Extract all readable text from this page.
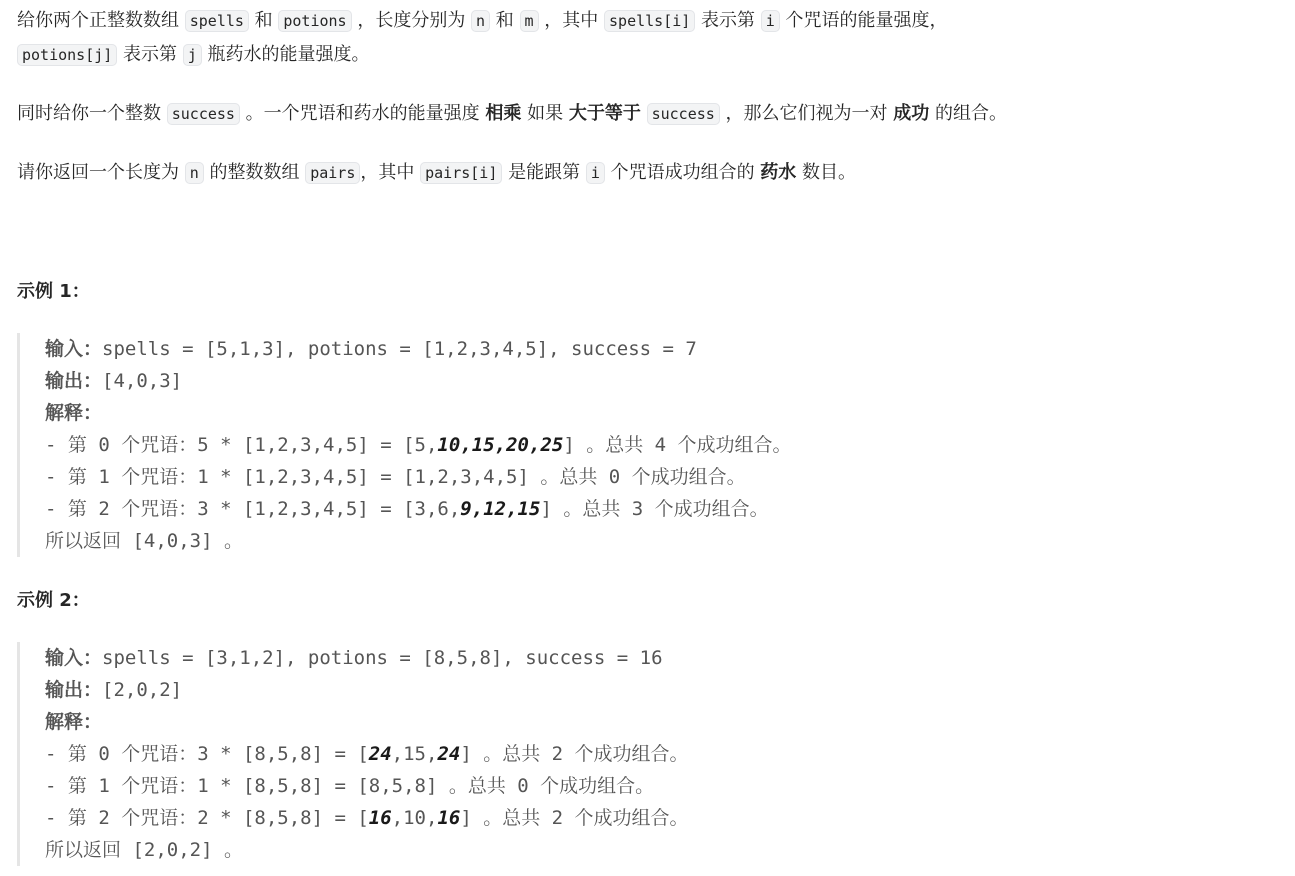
给你两个正整数数组 spells 和 potions ，长度分别为 n 和 m ，其中 spells[i] 表示第 i 个咒语的能量强度，
potions[j] 表示第 j 瓶药水的能量强度。

同时给你一个整数 success 。一个咒语和药水的能量强度 相乘 如果 大于等于 success ，那么它们视为一对 成功 的组合。

请你返回一个长度为 n 的整数数组 pairs ，其中 pairs[i] 是能跟第 i 个咒语成功组合的 药水 数目。

示例 1：
输入：spells = [5,1,3], potions = [1,2,3,4,5], success = 7
输出：[4,0,3]
解释：
- 第 0 个咒语：5 * [1,2,3,4,5] = [5,10,15,20,25] 。总共 4 个成功组合。
- 第 1 个咒语：1 * [1,2,3,4,5] = [1,2,3,4,5] 。总共 0 个成功组合。
- 第 2 个咒语：3 * [1,2,3,4,5] = [3,6,9,12,15] 。总共 3 个成功组合。
所以返回 [4,0,3] 。
示例 2：
输入：spells = [3,1,2], potions = [8,5,8], success = 16
输出：[2,0,2]
解释：
- 第 0 个咒语：3 * [8,5,8] = [24,15,24] 。总共 2 个成功组合。
- 第 1 个咒语：1 * [8,5,8] = [8,5,8] 。总共 0 个成功组合。
- 第 2 个咒语：2 * [8,5,8] = [16,10,16] 。总共 2 个成功组合。
所以返回 [2,0,2] 。
